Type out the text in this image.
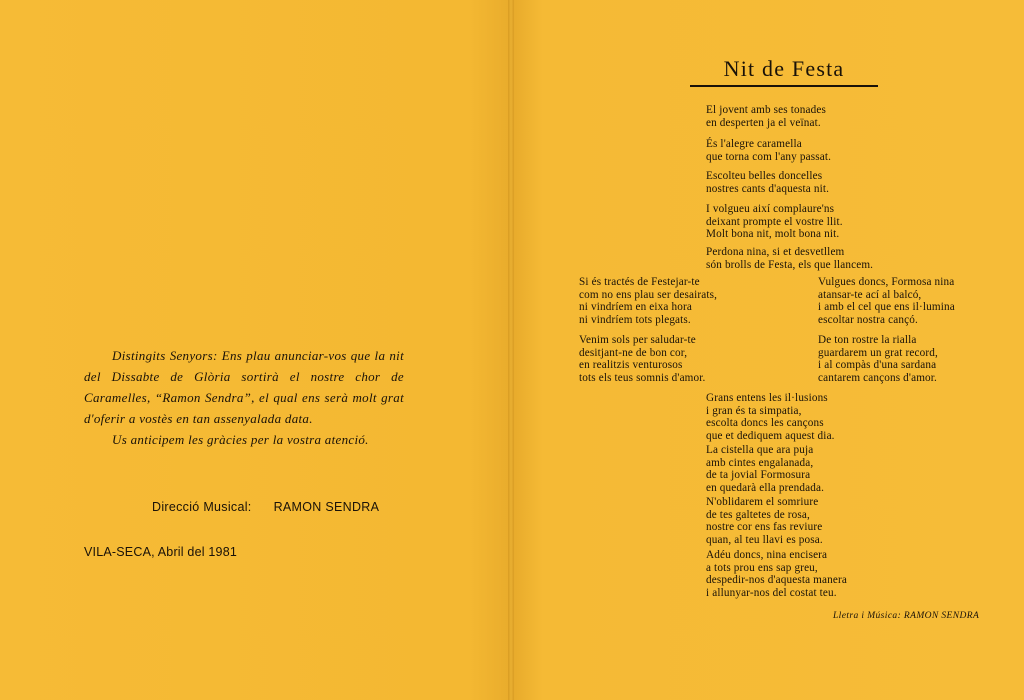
Distingits Senyors: Ens plau anunciar-vos que la nit del Dissabte de Glòria sortirà el nostre chor de Caramelles, “Ramon Sendra”, el qual ens serà molt grat d'oferir a vostès en tan assenyalada data.

Us anticipem les gràcies per la vostra atenció.

Direcció Musical: RAMON SENDRA
VILA-SECA, Abril del 1981
Nit de Festa
El jovent amb ses tonades
en desperten ja el veïnat.
És l'alegre caramella
que torna com l'any passat.
Escolteu belles doncelles
nostres cants d'aquesta nit.
I volgueu així complaure'ns
deixant prompte el vostre llit.
Molt bona nit, molt bona nit.
Perdona nina, si et desvetllem
són brolls de Festa, els que llancem.
Si és tractés de Festejar-te
com no ens plau ser desairats,
ni vindríem en eixa hora
ni vindríem tots plegats.
Vulgues doncs, Formosa nina
atansar-te ací al balcó,
i amb el cel que ens il·lumina
escoltar nostra cançó.
Venim sols per saludar-te
desitjant-ne de bon cor,
en realitzis venturosos
tots els teus somnis d'amor.
De ton rostre la rialla
guardarem un grat record,
i al compàs d'una sardana
cantarem cançons d'amor.
Grans entens les il·lusions
i gran és ta simpatia,
escolta doncs les cançons
que et dediquem aquest dia.
La cistella que ara puja
amb cintes engalanada,
de ta jovial Formosura
en quedarà ella prendada.
N'oblidarem el somriure
de tes galtetes de rosa,
nostre cor ens fas reviure
quan, al teu llavi es posa.
Adéu doncs, nina encisera
a tots prou ens sap greu,
despedir-nos d'aquesta manera
i allunyar-nos del costat teu.
Lletra i Música: RAMON SENDRA
